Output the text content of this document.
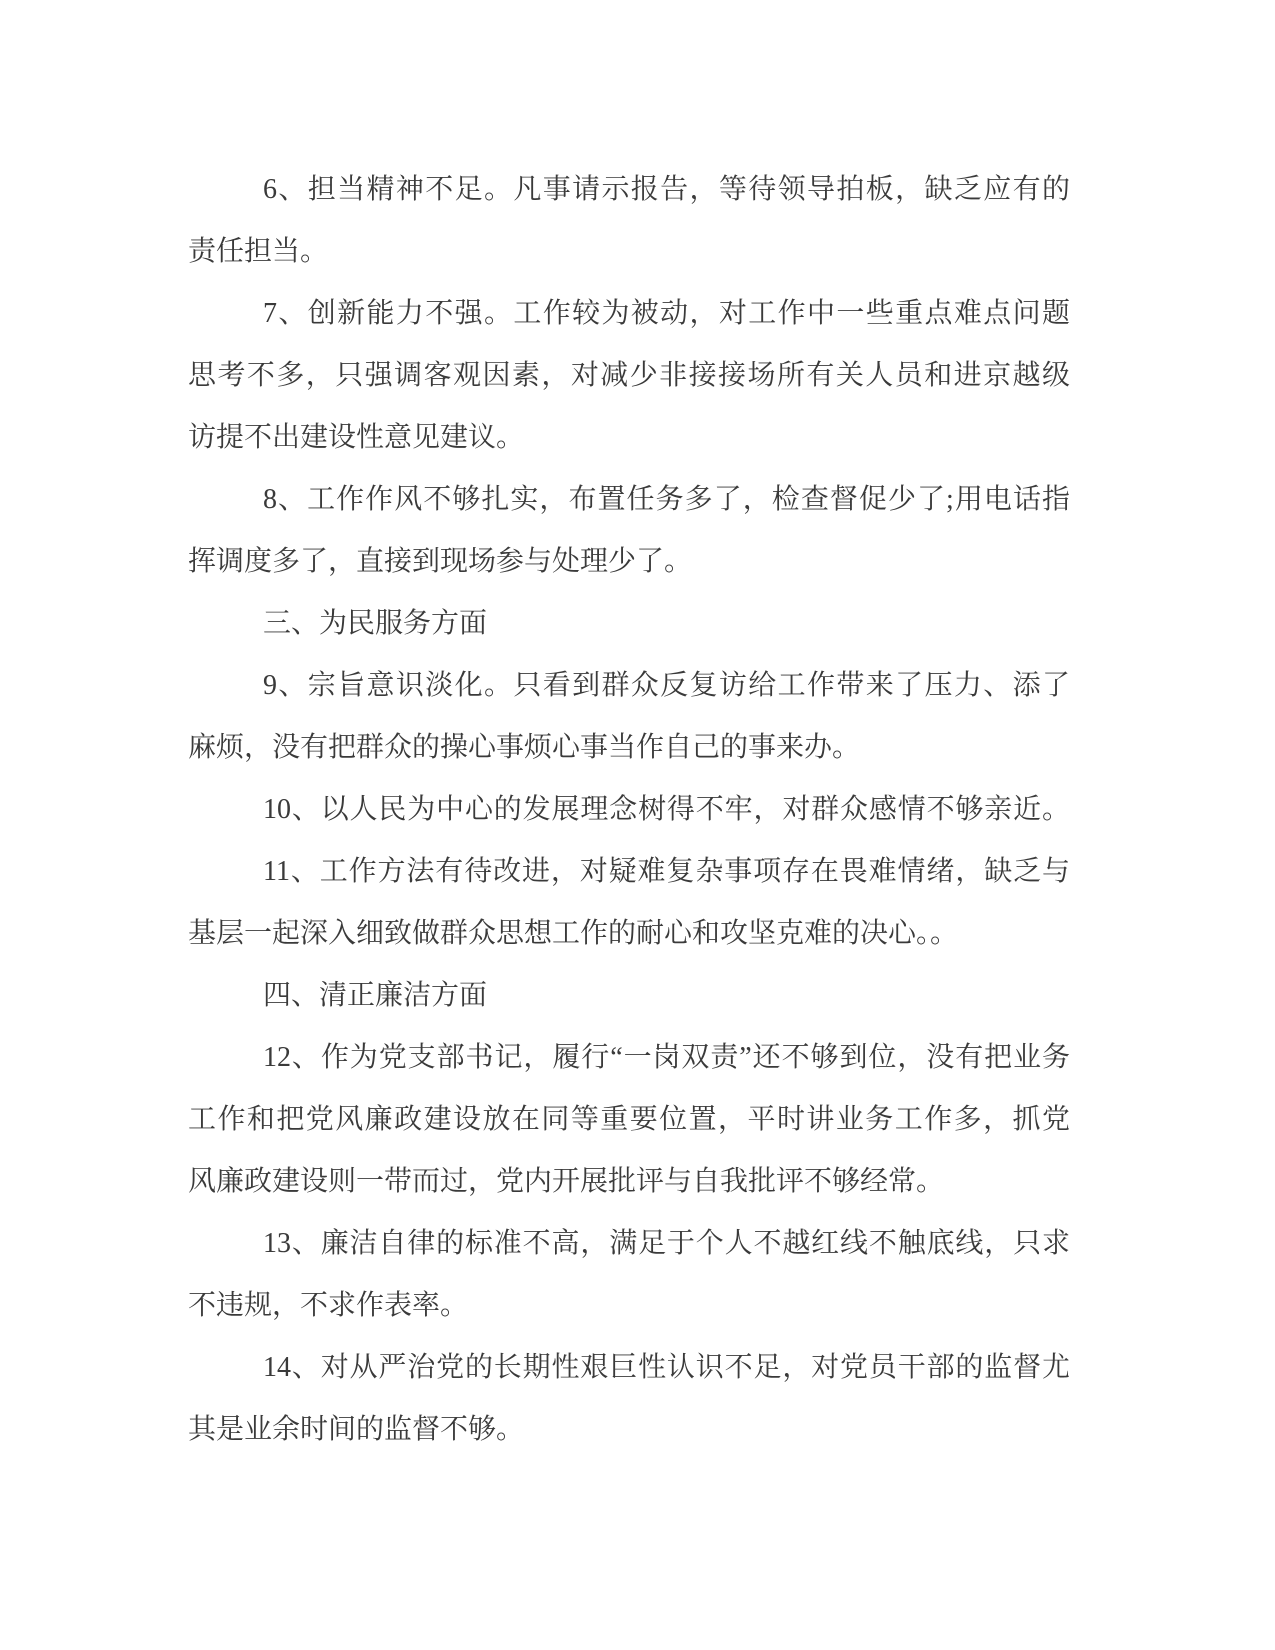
6、担当精神不足。凡事请示报告，等待领导拍板，缺乏应有的
责任担当。
7、创新能力不强。工作较为被动，对工作中一些重点难点问题
思考不多，只强调客观因素，对减少非接接场所有关人员和进京越级
访提不出建设性意见建议。
8、工作作风不够扎实，布置任务多了，检查督促少了;用电话指
挥调度多了，直接到现场参与处理少了。
三、为民服务方面
9、宗旨意识淡化。只看到群众反复访给工作带来了压力、添了
麻烦，没有把群众的操心事烦心事当作自己的事来办。
10、以人民为中心的发展理念树得不牢，对群众感情不够亲近。
11、工作方法有待改进，对疑难复杂事项存在畏难情绪，缺乏与
基层一起深入细致做群众思想工作的耐心和攻坚克难的决心。。
四、清正廉洁方面
12、作为党支部书记，履行“一岗双责”还不够到位，没有把业务
工作和把党风廉政建设放在同等重要位置，平时讲业务工作多，抓党
风廉政建设则一带而过，党内开展批评与自我批评不够经常。
13、廉洁自律的标准不高，满足于个人不越红线不触底线，只求
不违规，不求作表率。
14、对从严治党的长期性艰巨性认识不足，对党员干部的监督尤
其是业余时间的监督不够。
